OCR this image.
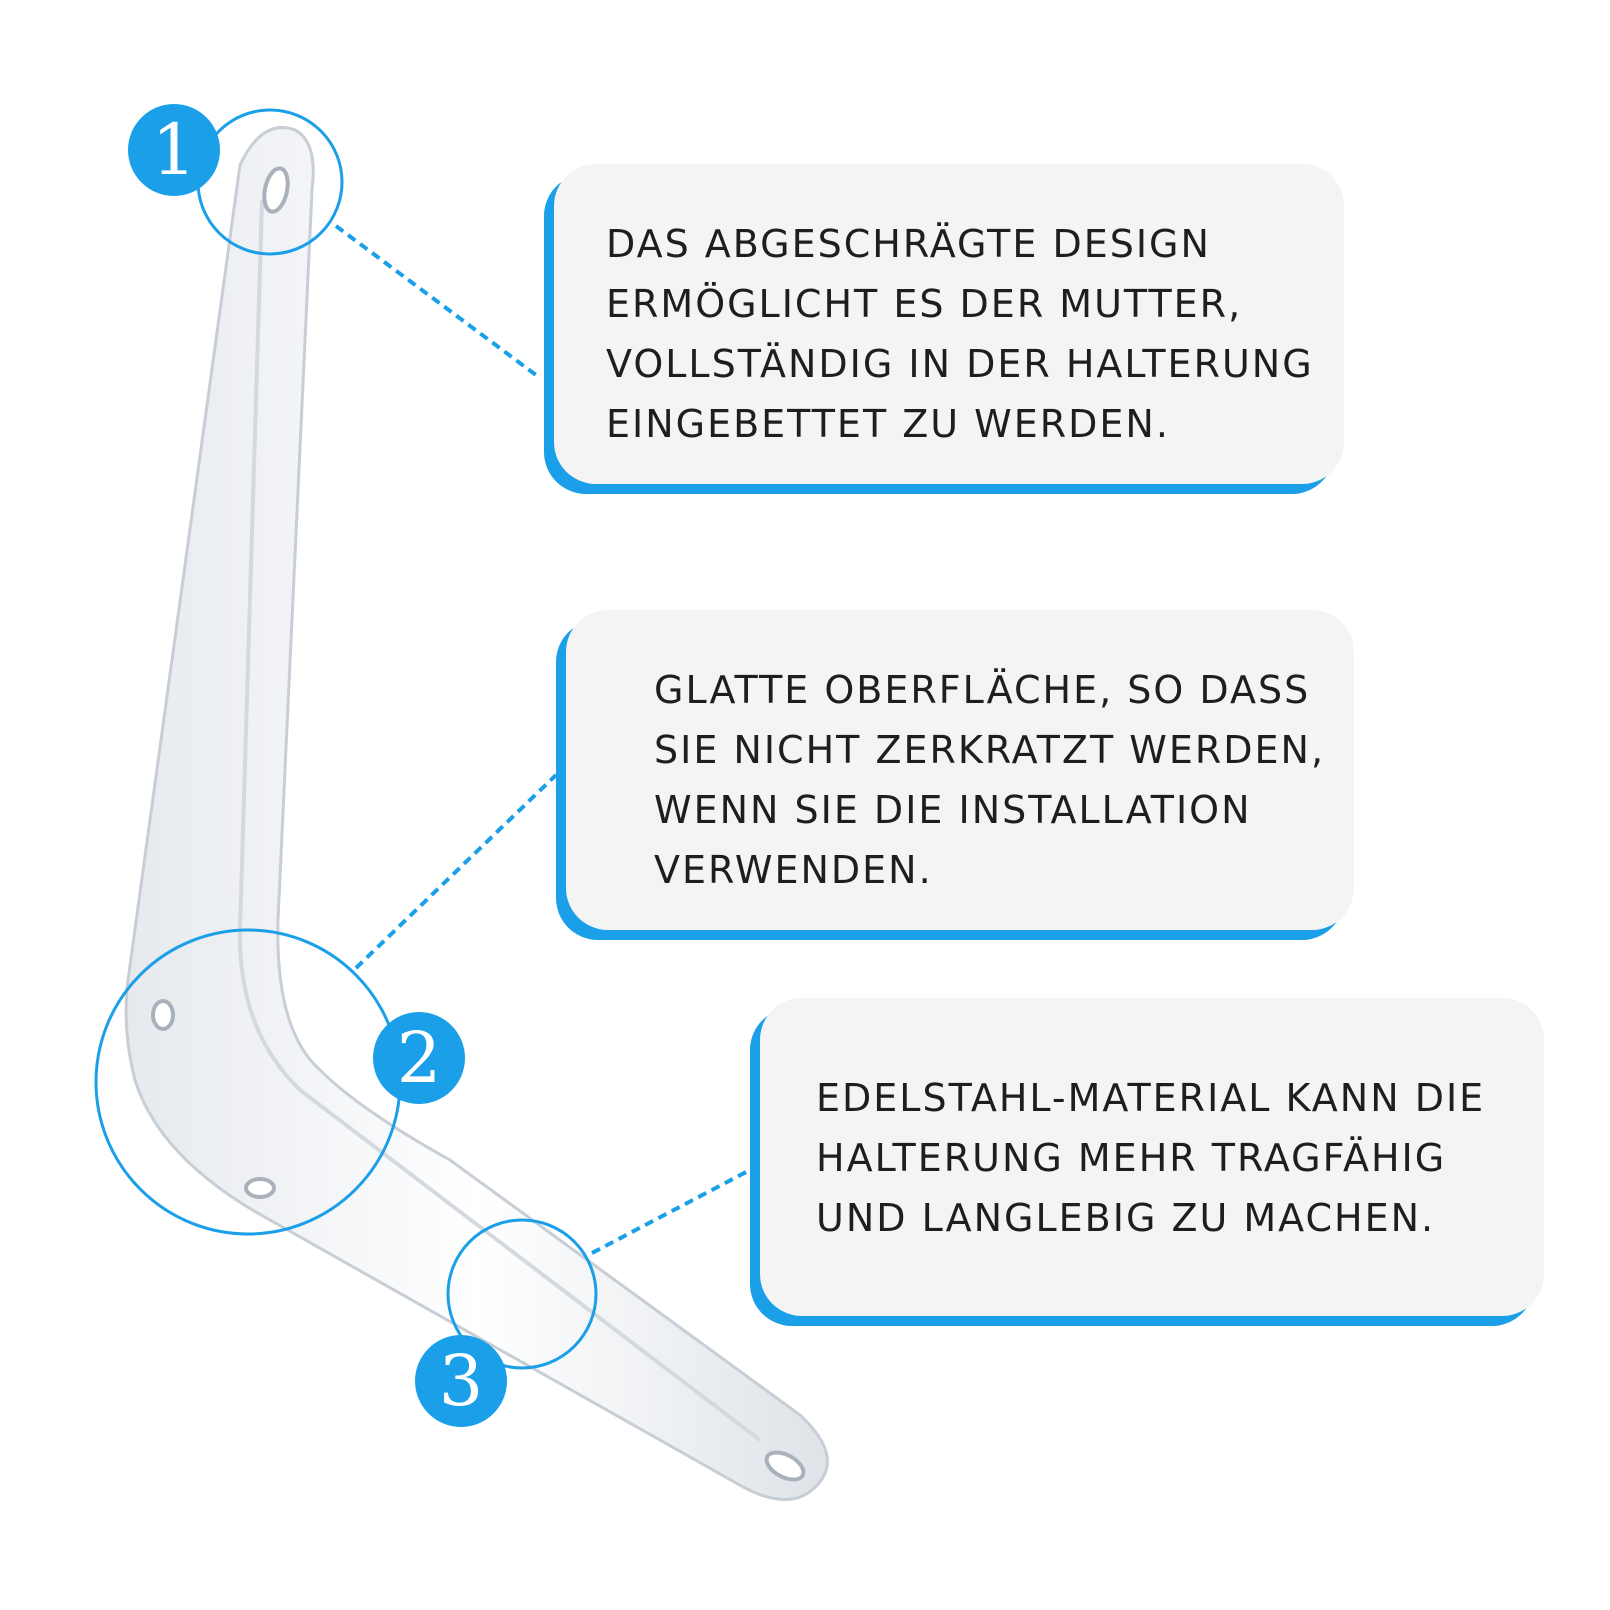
1
2
3
DAS ABGESCHRÄGTE DESIGN
ERMÖGLICHT ES DER MUTTER,
VOLLSTÄNDIG IN DER HALTERUNG
EINGEBETTET ZU WERDEN.
GLATTE OBERFLÄCHE, SO DASS
SIE NICHT ZERKRATZT WERDEN,
WENN SIE DIE INSTALLATION
VERWENDEN.
EDELSTAHL-MATERIAL KANN DIE
HALTERUNG MEHR TRAGFÄHIG
UND LANGLEBIG ZU MACHEN.
